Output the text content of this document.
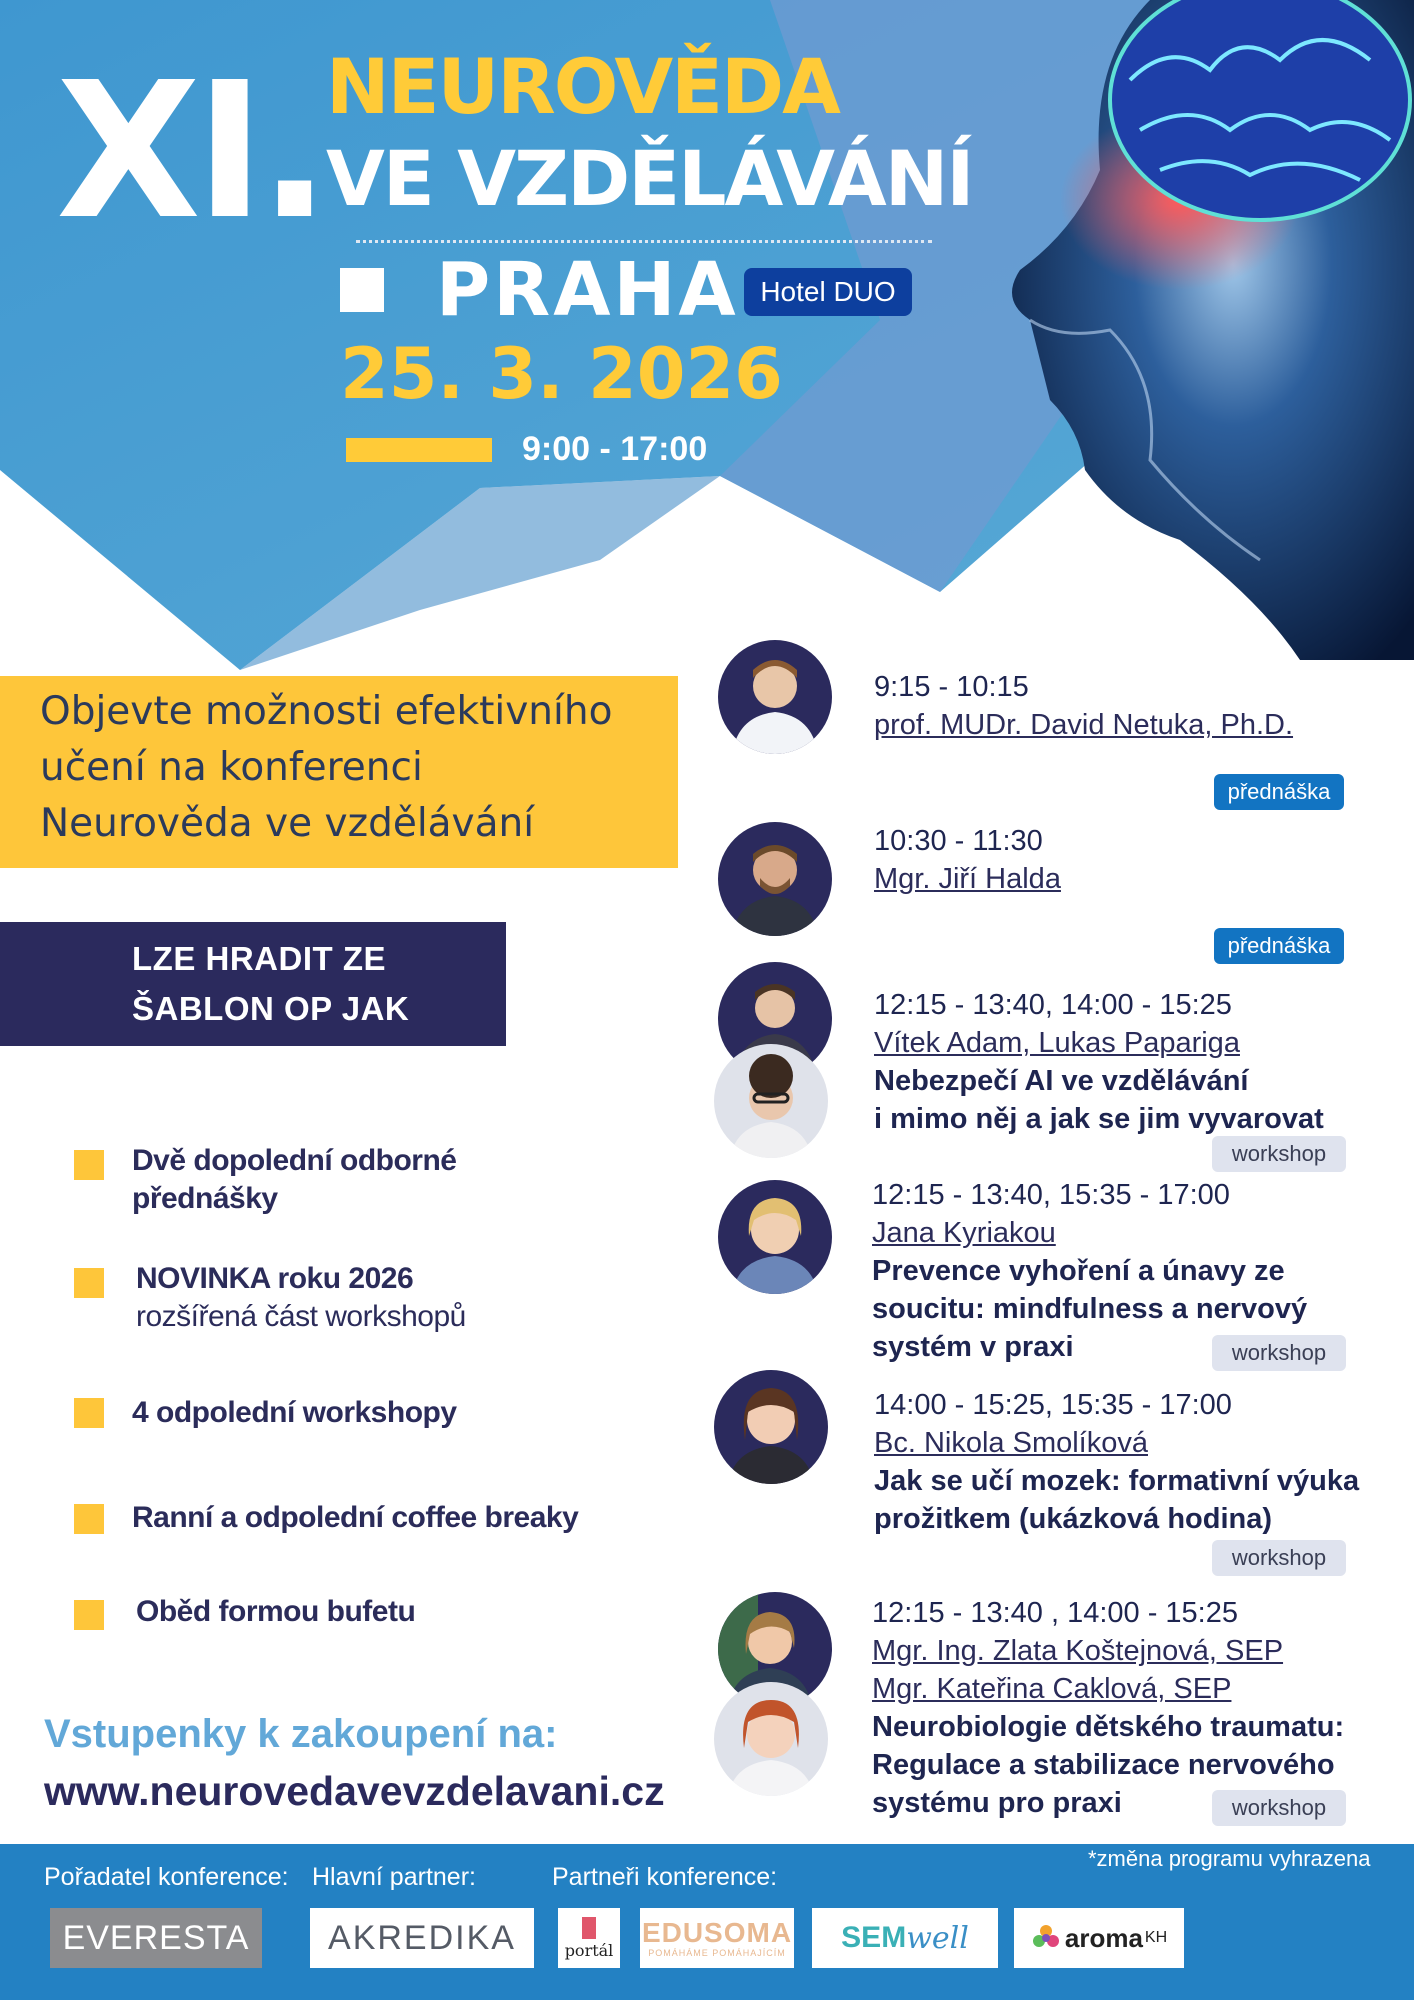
XI. NEUROVĚDA
VE VZDĚLÁVÁNÍ
PRAHA Hotel DUO
25. 3. 2026
9:00 - 17:00
Objevte možnosti efektivního
učení na konferenci
Neurověda ve vzdělávání
LZE HRADIT ZE
ŠABLON OP JAK
Dvě dopolední odborné
přednášky
NOVINKA roku 2026
rozšířená část workshopů
4 odpolední workshopy
Ranní a odpolední coffee breaky
Oběd formou bufetu
Vstupenky k zakoupení na:
www.neurovedavevzdelavani.cz
9:15 - 10:15
prof. MUDr. David Netuka, Ph.D.
přednáška
10:30 - 11:30
Mgr. Jiří Halda
přednáška
12:15 - 13:40, 14:00 - 15:25
Vítek Adam, Lukas Papariga
Nebezpečí AI ve vzdělávání
i mimo něj a jak se jim vyvarovat
workshop
12:15 - 13:40, 15:35 - 17:00
Jana Kyriakou
Prevence vyhoření a únavy ze
soucitu: mindfulness a nervový
systém v praxi	workshop
14:00 - 15:25, 15:35 - 17:00
Bc. Nikola Smolíková
Jak se učí mozek: formativní výuka
prožitkem (ukázková hodina)
workshop
12:15 - 13:40 , 14:00 - 15:25
Mgr. Ing. Zlata Koštejnová, SEP
Mgr. Kateřina Caklová, SEP
Neurobiologie dětského traumatu:
Regulace a stabilizace nervového
systému pro praxi	workshop
*změna programu vyhrazena
Pořadatel konference: Hlavní partner:	Partneři konference:
EVERESTA AKREDIKA	portál
EDUSOMA
POMÁHÁME POMÁHAJÍCÍM SEM well	aroma KH
